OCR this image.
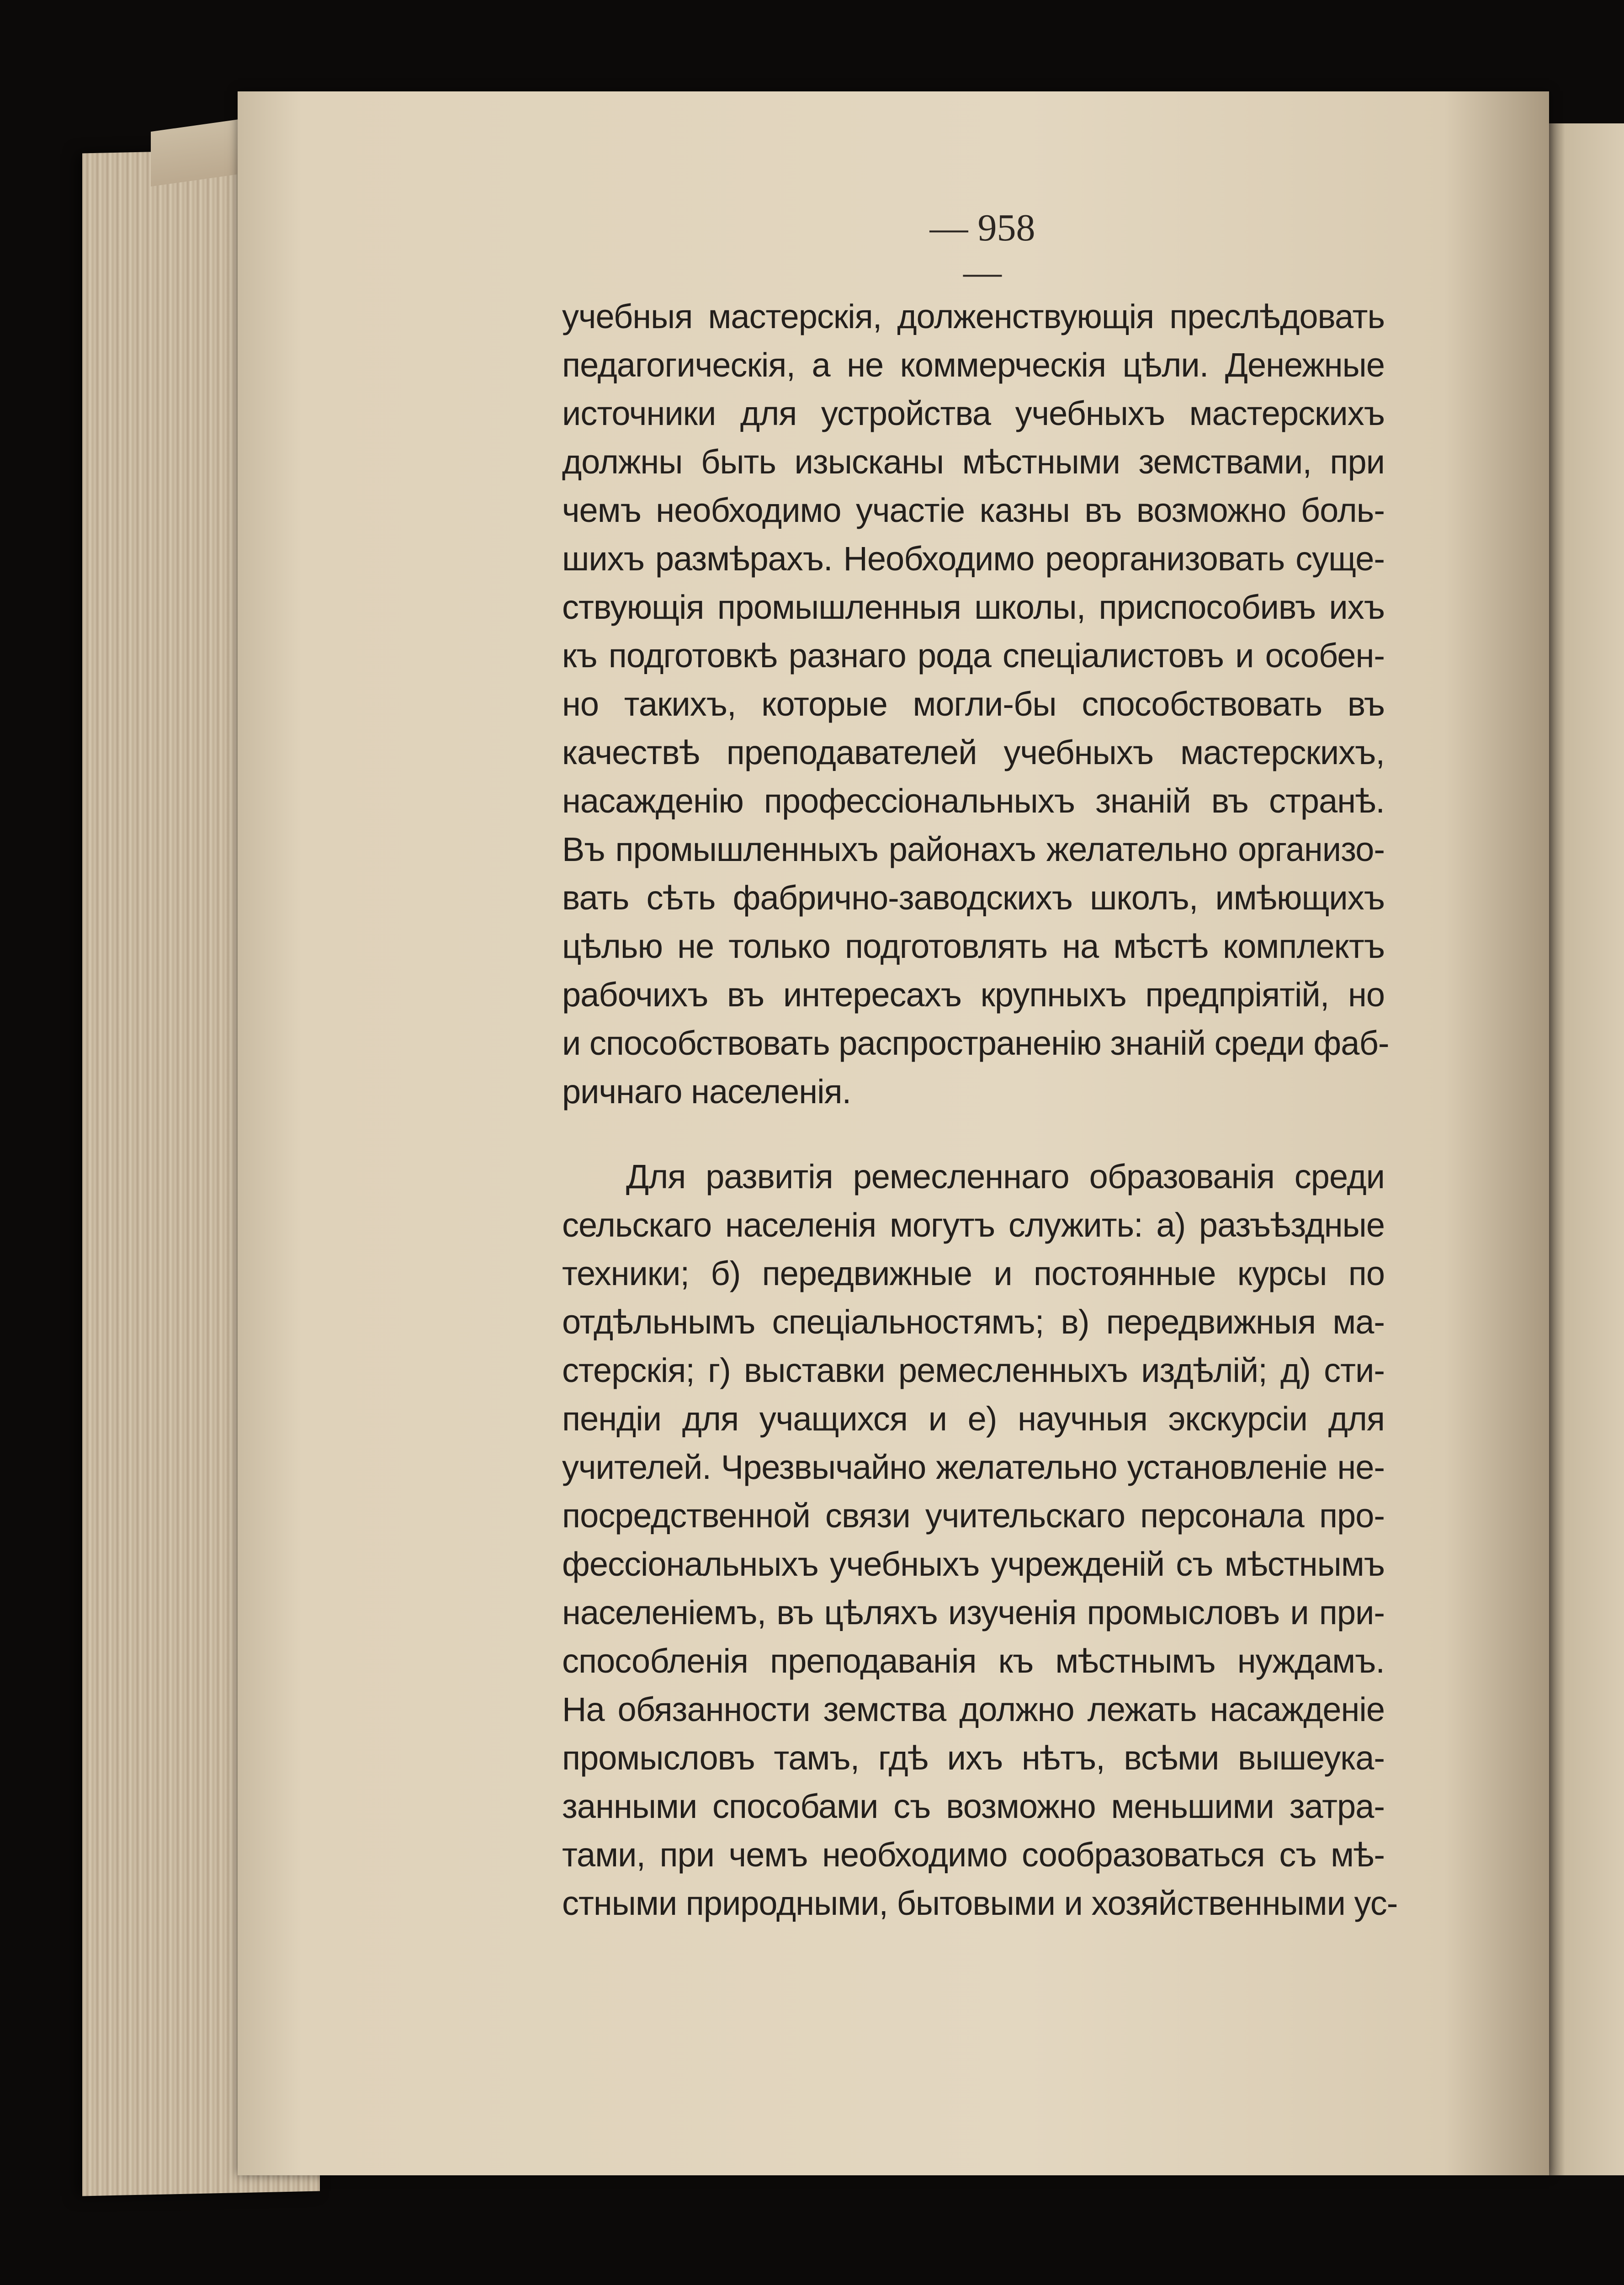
— 958 —
учебныя мастерскія, долженствующія преслѣдовать
педагогическія, а не коммерческія цѣли. Денежные
источники для устройства учебныхъ мастерскихъ
должны быть изысканы мѣстными земствами, при
чемъ необходимо участіе казны въ возможно боль-
шихъ размѣрахъ. Необходимо реорганизовать суще-
ствующія промышленныя школы, приспособивъ ихъ
къ подготовкѣ разнаго рода спеціалистовъ и особен-
но такихъ, которые могли-бы способствовать въ
качествѣ преподавателей учебныхъ мастерскихъ,
насажденію профессіональныхъ знаній въ странѣ.
Въ промышленныхъ районахъ желательно организо-
вать сѣть фабрично-заводскихъ школъ, имѣющихъ
цѣлью не только подготовлять на мѣстѣ комплектъ
рабочихъ въ интересахъ крупныхъ предпріятій, но
и способствовать распространенію знаній среди фаб-
ричнаго населенія.
Для развитія ремесленнаго образованія среди
сельскаго населенія могутъ служить: а) разъѣздные
техники; б) передвижные и постоянные курсы по
отдѣльнымъ спеціальностямъ; в) передвижныя ма-
стерскія; г) выставки ремесленныхъ издѣлій; д) сти-
пендіи для учащихся и е) научныя экскурсіи для
учителей. Чрезвычайно желательно установленіе не-
посредственной связи учительскаго персонала про-
фессіональныхъ учебныхъ учрежденій съ мѣстнымъ
населеніемъ, въ цѣляхъ изученія промысловъ и при-
способленія преподаванія къ мѣстнымъ нуждамъ.
На обязанности земства должно лежать насажденіе
промысловъ тамъ, гдѣ ихъ нѣтъ, всѣми вышеука-
занными способами съ возможно меньшими затра-
тами, при чемъ необходимо сообразоваться съ мѣ-
стными природными, бытовыми и хозяйственными ус-
